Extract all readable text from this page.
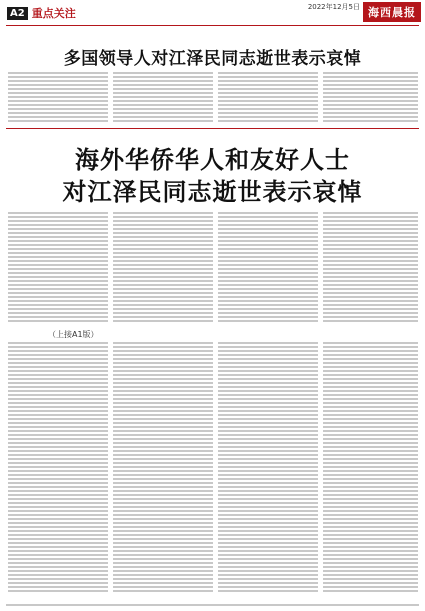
A2 重点关注	2022年12月5日 海西晨报
多国领导人对江泽民同志逝世表示哀悼
海外华侨华人和友好人士
对江泽民同志逝世表示哀悼
（上接A1版）
